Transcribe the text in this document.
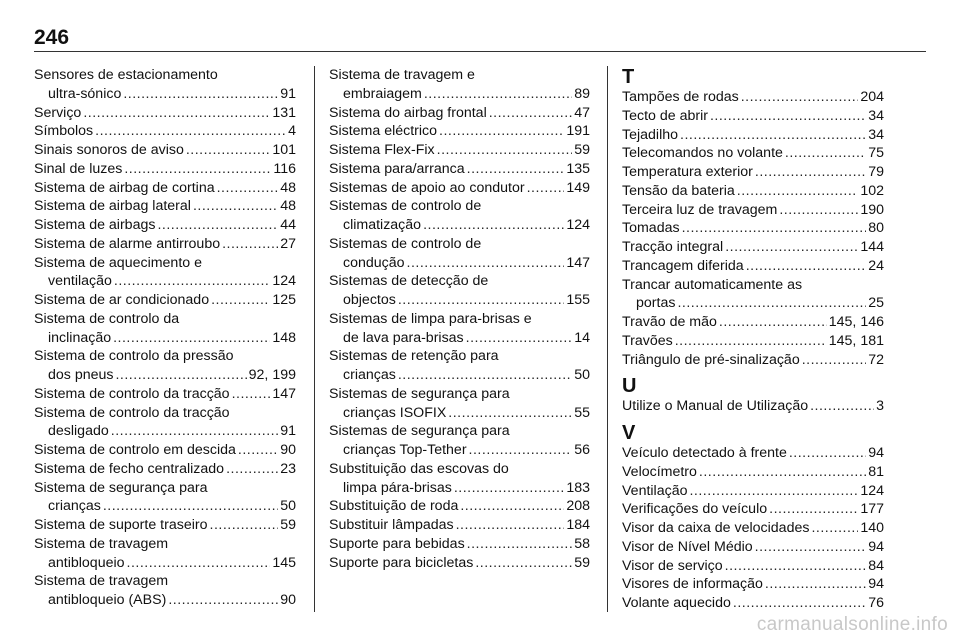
246
Sensores de estacionamento
ultra-sónico .....	91
Serviço .....	131
Símbolos .....	4
Sinais sonoros de aviso .....	101
Sinal de luzes .....	116
Sistema de airbag de cortina .....	48
Sistema de airbag lateral .....	48
Sistema de airbags .....	44
Sistema de alarme antirroubo .....	27
Sistema de aquecimento e
ventilação .....	124
Sistema de ar condicionado .....	125
Sistema de controlo da
inclinação .....	148
Sistema de controlo da pressão
dos pneus .....	92, 199
Sistema de controlo da tracção .....	147
Sistema de controlo da tracção
desligado .....	91
Sistema de controlo em descida .....	90
Sistema de fecho centralizado .....	23
Sistema de segurança para
crianças .....	50
Sistema de suporte traseiro .....	59
Sistema de travagem
antibloqueio .....	145
Sistema de travagem
antibloqueio (ABS) .....	90
Sistema de travagem e
embraiagem .....	89
Sistema do airbag frontal .....	47
Sistema eléctrico .....	191
Sistema Flex-Fix .....	59
Sistema para/arranca .....	135
Sistemas de apoio ao condutor .....	149
Sistemas de controlo de
climatização .....	124
Sistemas de controlo de
condução .....	147
Sistemas de detecção de
objectos .....	155
Sistemas de limpa para-brisas e
de lava para-brisas .....	14
Sistemas de retenção para
crianças .....	50
Sistemas de segurança para
crianças ISOFIX .....	55
Sistemas de segurança para
crianças Top-Tether .....	56
Substituição das escovas do
limpa pára-brisas .....	183
Substituição de roda .....	208
Substituir lâmpadas .....	184
Suporte para bebidas .....	58
Suporte para bicicletas .....	59
T
Tampões de rodas .....	204
Tecto de abrir .....	34
Tejadilho .....	34
Telecomandos no volante .....	75
Temperatura exterior .....	79
Tensão da bateria .....	102
Terceira luz de travagem .....	190
Tomadas .....	80
Tracção integral .....	144
Trancagem diferida .....	24
Trancar automaticamente as
portas .....	25
Travão de mão .....	145, 146
Travões .....	145, 181
Triângulo de pré-sinalização .....	72
U
Utilize o Manual de Utilização .....	3
V
Veículo detectado à frente .....	94
Velocímetro .....	81
Ventilação .....	124
Verificações do veículo .....	177
Visor da caixa de velocidades .....	140
Visor de Nível Médio .....	94
Visor de serviço .....	84
Visores de informação .....	94
Volante aquecido .....	76
carmanualsonline.info
